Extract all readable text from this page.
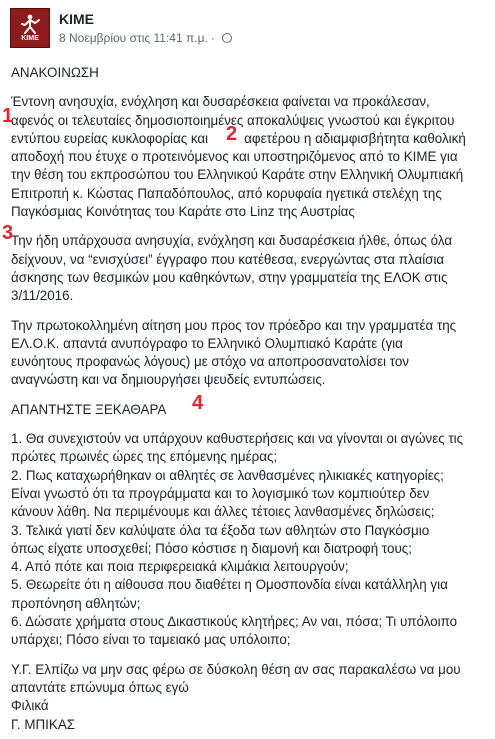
KIME
KIME
8 Νοεμβρίου στις 11:41 π.μ. ·
ΑΝΑΚΟΙΝΩΣΗ
Έντονη ανησυχία, ενόχληση και δυσαρέσκεια φαίνεται να προκάλεσαν,
αφενός οι τελευταίες δημοσιοποιημένες αποκαλύψεις γνωστού και έγκριτου
εντύπου ευρείας κυκλοφορίας και	αφετέρου η αδιαμφισβήτητα καθολική
αποδοχή που έτυχε ο προτεινόμενος και υποστηριζόμενος από το ΚΙΜΕ για
την θέση του εκπροσώπου του Ελληνικού Καράτε στην Ελληνική Ολυμπιακή
Επιτροπή κ. Κώστας Παπαδόπουλος, από κορυφαία ηγετικά στελέχη της
Παγκόσμιας Κοινότητας του Καράτε στο Linz της Αυστρίας
Την ήδη υπάρχουσα ανησυχία, ενόχληση και δυσαρέσκεια ήλθε, όπως όλα
δείχνουν, να “ενισχύσει” έγγραφο που κατέθεσα, ενεργώντας στα πλαίσια
άσκησης των θεσμικών μου καθηκόντων, στην γραμματεία της ΕΛΟΚ στις
3/11/2016.
Την πρωτοκολλημένη αίτηση μου προς τον πρόεδρο και την γραμματέα της
ΕΛ.Ο.Κ. απαντά ανυπόγραφο το Ελληνικό Ολυμπιακό Καράτε (για
ευνόητους προφανώς λόγους) με στόχο να αποπροσανατολίσει τον
αναγνώστη και να δημιουργήσει ψευδείς εντυπώσεις.
ΑΠΑΝΤΗΣΤΕ ΞΕΚΑΘΑΡΑ
1. Θα συνεχιστούν να υπάρχουν καθυστερήσεις και να γίνονται οι αγώνες τις
πρώτες πρωινές ώρες της επόμενης ημέρας;
2. Πως καταχωρήθηκαν οι αθλητές σε λανθασμένες ηλικιακές κατηγορίες;
Είναι γνωστό ότι τα προγράμματα και το λογισμικό των κομπιούτερ δεν
κάνουν λάθη. Να περιμένουμε και άλλες τέτοιες λανθασμένες δηλώσεις;
3. Τελικά γιατί δεν καλύψατε όλα τα έξοδα των αθλητών στο Παγκόσμιο
όπως είχατε υποσχεθεί; Πόσο κόστισε η διαμονή και διατροφή τους;
4. Από πότε και ποια περιφερειακά κλιμάκια λειτουργούν;
5. Θεωρείτε ότι η αίθουσα που διαθέτει η Ομοσπονδία είναι κατάλληλη για
προπόνηση αθλητών;
6. Δώσατε χρήματα στους Δικαστικούς κλητήρες; Αν ναι, πόσα; Τι υπόλοιπο
υπάρχει; Πόσο είναι το ταμειακό μας υπόλοιπο;
Υ.Γ. Ελπίζω να μην σας φέρω σε δύσκολη θέση αν σας παρακαλέσω να μου
απαντάτε επώνυμα όπως εγώ
Φιλικά
Γ. ΜΠΙΚΑΣ
1
2
3
4
